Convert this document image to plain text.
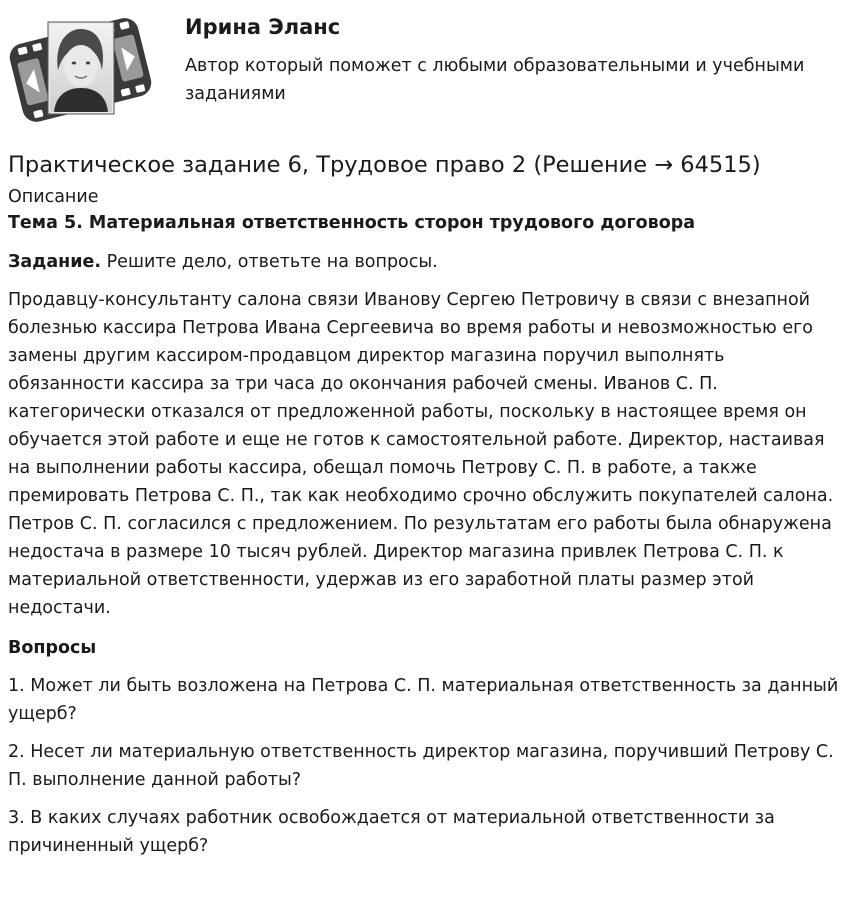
Ирина Эланс

Автор который поможет с любыми образовательными и учебными заданиями

Практическое задание 6, Трудовое право 2 (Решение → 64515)
Описание
Тема 5. Материальная ответственность сторон трудового договора

Задание. Решите дело, ответьте на вопросы.

Продавцу-консультанту салона связи Иванову Сергею Петровичу в связи с внезапной болезнью кассира Петрова Ивана Сергеевича во время работы и невозможностью его замены другим кассиром-продавцом директор магазина поручил выполнять обязанности кассира за три часа до окончания рабочей смены. Иванов С. П. категорически отказался от предложенной работы, поскольку в настоящее время он обучается этой работе и еще не готов к самостоятельной работе. Директор, настаивая на выполнении работы кассира, обещал помочь Петрову С. П. в работе, а также премировать Петрова С. П., так как необходимо срочно обслужить покупателей салона. Петров С. П. согласился с предложением. По результатам его работы была обнаружена недостача в размере 10 тысяч рублей. Директор магазина привлек Петрова С. П. к материальной ответственности, удержав из его заработной платы размер этой недостачи.

Вопросы

1. Может ли быть возложена на Петрова С. П. материальная ответственность за данный ущерб?

2. Несет ли материальную ответственность директор магазина, поручивший Петрову С. П. выполнение данной работы?

3. В каких случаях работник освобождается от материальной ответственности за причиненный ущерб?
